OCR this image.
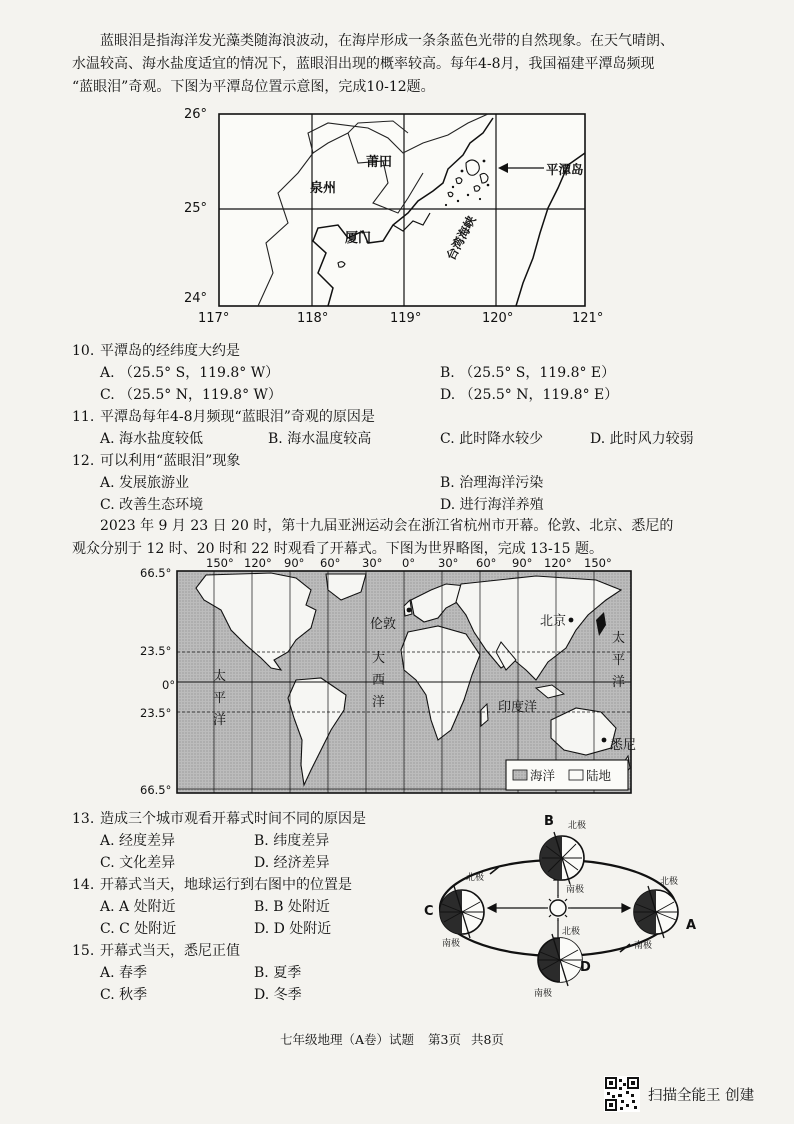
蓝眼泪是指海洋发光藻类随海浪波动，在海岸形成一条条蓝色光带的自然现象。在天气晴朗、
水温较高、海水盐度适宜的情况下，蓝眼泪出现的概率较高。每年4-8月，我国福建平潭岛频现
“蓝眼泪”奇观。下图为平潭岛位置示意图，完成10-12题。
26°
25°
24°
117°	118°	119°	120°	121°
莆田
泉州
厦门
平潭岛
台湾海峡
10. 平潭岛的经纬度大约是
A. （25.5° S，119.8° W）	B. （25.5° S，119.8° E）
C. （25.5° N，119.8° W）	D. （25.5° N，119.8° E）
11. 平潭岛每年4-8月频现“蓝眼泪”奇观的原因是
A. 海水盐度较低	B. 海水温度较高	C. 此时降水较少	D. 此时风力较弱
12. 可以利用“蓝眼泪”现象
A. 发展旅游业	B. 治理海洋污染
C. 改善生态环境	D. 进行海洋养殖
2023 年 9 月 23 日 20 时，第十九届亚洲运动会在浙江省杭州市开幕。伦敦、北京、悉尼的
观众分别于 12 时、20 时和 22 时观看了开幕式。下图为世界略图，完成 13-15 题。
150° 120° 90° 60° 30° 0° 30° 60° 90° 120° 150°
66.5°
23.5°
0°
23.5°
66.5°
伦敦	北京
悉尼
印度洋
太
平
洋
大
西
洋
太
平
洋
海洋 陆地
13. 造成三个城市观看开幕式时间不同的原因是
A. 经度差异	B. 纬度差异
C. 文化差异	D. 经济差异
14. 开幕式当天，地球运行到右图中的位置是
A. A 处附近	B. B 处附近
C. C 处附近	D. D 处附近
15. 开幕式当天，悉尼正值
A. 春季	B. 夏季
C. 秋季	D. 冬季
B
C
A
D
北极
南极
北极
南极
北极
南极
北极
南极
七年级地理（A卷）试题 第3页 共8页
扫描全能王 创建
